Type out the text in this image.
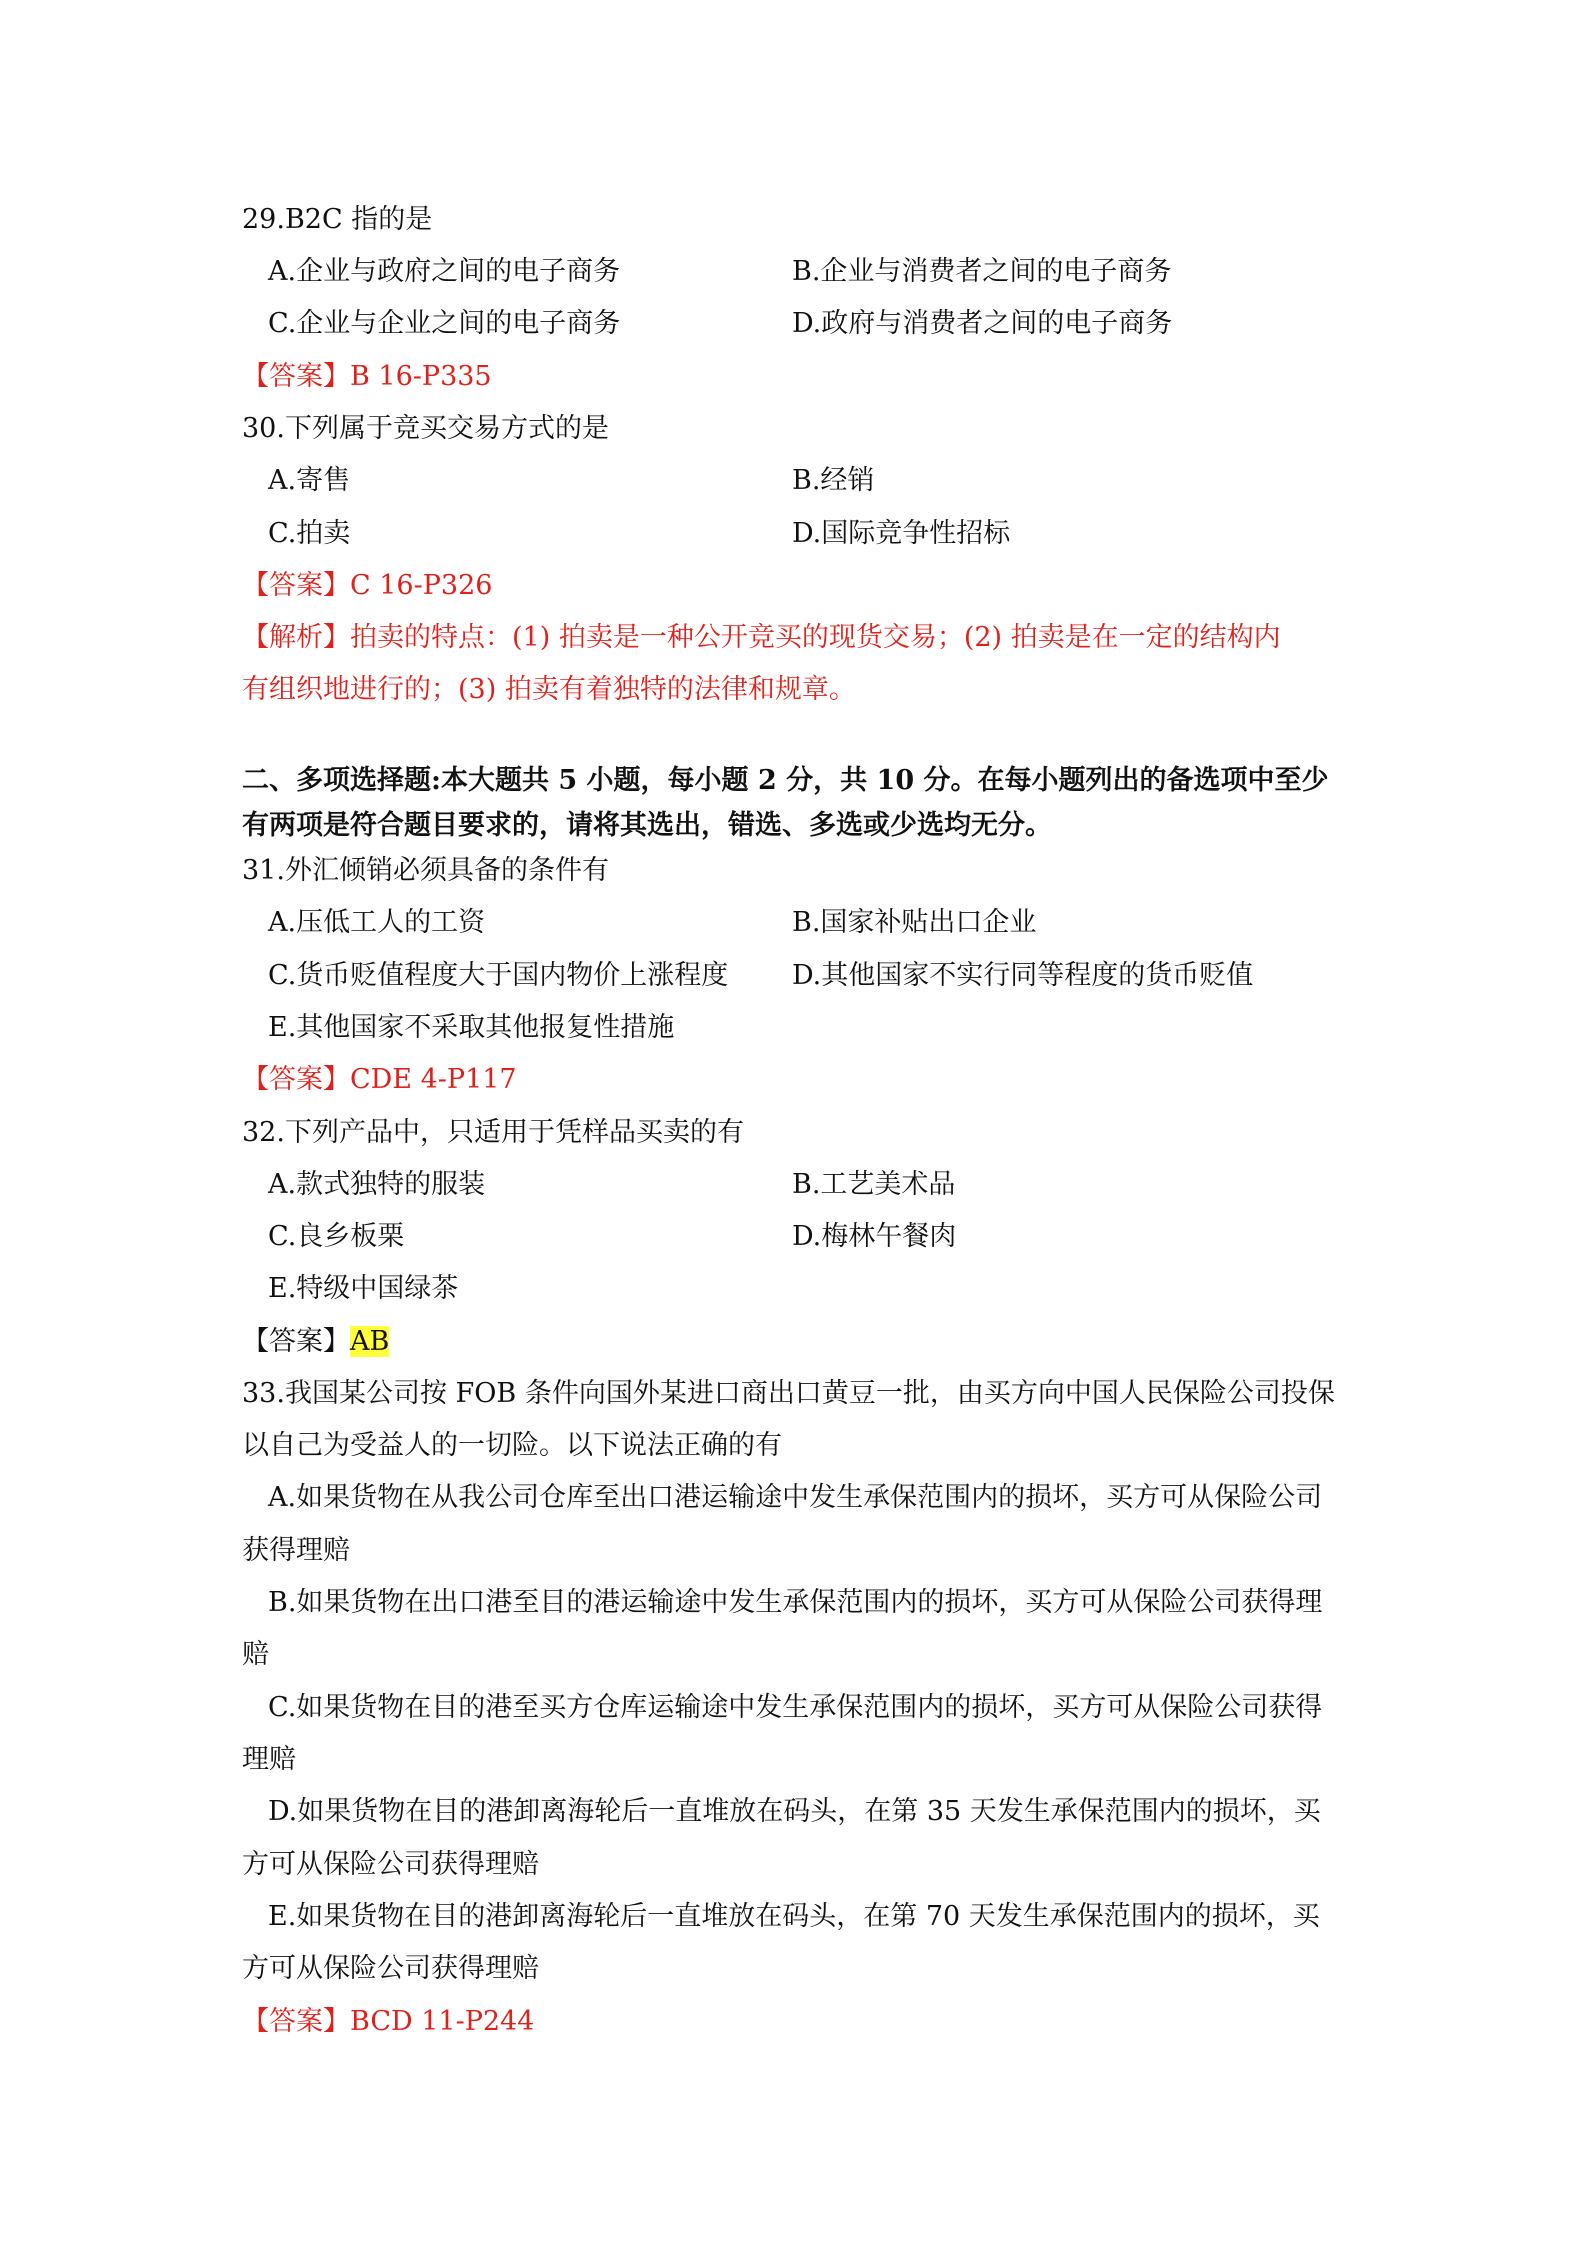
29.B2C 指的是
A.企业与政府之间的电子商务	B.企业与消费者之间的电子商务
C.企业与企业之间的电子商务	D.政府与消费者之间的电子商务
【答案】B 16-P335
30.下列属于竞买交易方式的是
A.寄售	B.经销
C.拍卖	D.国际竞争性招标
【答案】C 16-P326
【解析】拍卖的特点：(1) 拍卖是一种公开竞买的现货交易；(2) 拍卖是在一定的结构内
有组织地进行的；(3) 拍卖有着独特的法律和规章。
二、多项选择题:本大题共 5 小题，每小题 2 分，共 10 分。在每小题列出的备选项中至少
有两项是符合题目要求的，请将其选出，错选、多选或少选均无分。
31.外汇倾销必须具备的条件有
A.压低工人的工资	B.国家补贴出口企业
C.货币贬值程度大于国内物价上涨程度 D.其他国家不实行同等程度的货币贬值
E.其他国家不采取其他报复性措施
【答案】CDE 4-P117
32.下列产品中，只适用于凭样品买卖的有
A.款式独特的服装	B.工艺美术品
C.良乡板栗	D.梅林午餐肉
E.特级中国绿茶
【答案】AB
33.我国某公司按 FOB 条件向国外某进口商出口黄豆一批，由买方向中国人民保险公司投保
以自己为受益人的一切险。以下说法正确的有
A.如果货物在从我公司仓库至出口港运输途中发生承保范围内的损坏，买方可从保险公司
获得理赔
B.如果货物在出口港至目的港运输途中发生承保范围内的损坏，买方可从保险公司获得理
赔
C.如果货物在目的港至买方仓库运输途中发生承保范围内的损坏，买方可从保险公司获得
理赔
D.如果货物在目的港卸离海轮后一直堆放在码头，在第 35 天发生承保范围内的损坏，买
方可从保险公司获得理赔
E.如果货物在目的港卸离海轮后一直堆放在码头，在第 70 天发生承保范围内的损坏，买
方可从保险公司获得理赔
【答案】BCD 11-P244
